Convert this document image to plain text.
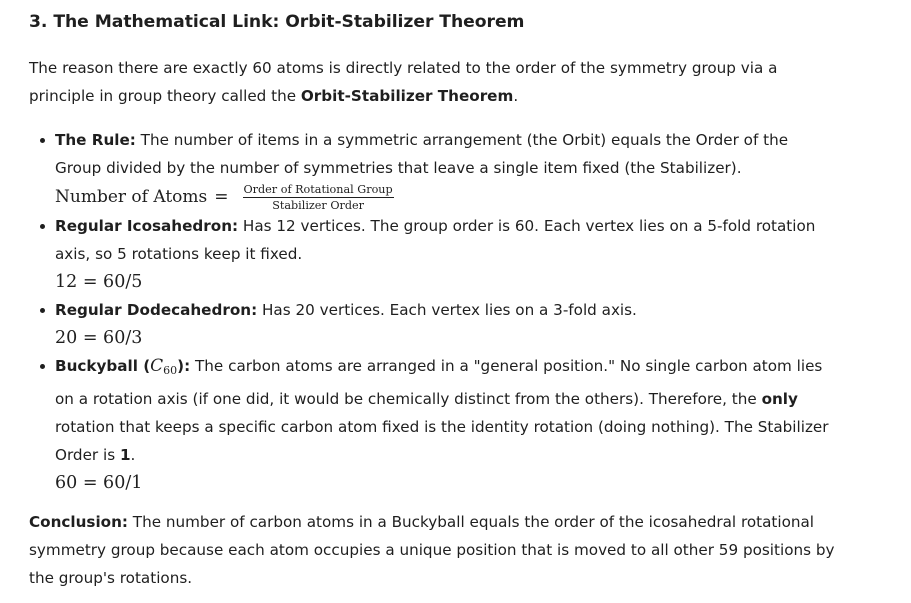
3. The Mathematical Link: Orbit-Stabilizer Theorem
The reason there are exactly 60 atoms is directly related to the order of the symmetry group via a principle in group theory called the Orbit-Stabilizer Theorem.
The Rule: The number of items in a symmetric arrangement (the Orbit) equals the Order of the Group divided by the number of symmetries that leave a single item fixed (the Stabilizer).
Number of Atoms = $\frac{\text{Order of Rotational Group}}{\text{Stabilizer Order}}$
Regular Icosahedron: Has 12 vertices. The group order is 60. Each vertex lies on a 5-fold rotation axis, so 5 rotations keep it fixed.
12 = 60/5
Regular Dodecahedron: Has 20 vertices. Each vertex lies on a 3-fold axis.
20 = 60/3
Buckyball $(C_{60})$: The carbon atoms are arranged in a "general position." No single carbon atom lies on a rotation axis (if one did, it would be chemically distinct from the others). Therefore, the only rotation that keeps a specific carbon atom fixed is the identity rotation (doing nothing). The Stabilizer Order is 1.
60 = 60/1
Conclusion: The number of carbon atoms in a Buckyball equals the order of the icosahedral rotational symmetry group because each atom occupies a unique position that is moved to all other 59 positions by the group's rotations.
